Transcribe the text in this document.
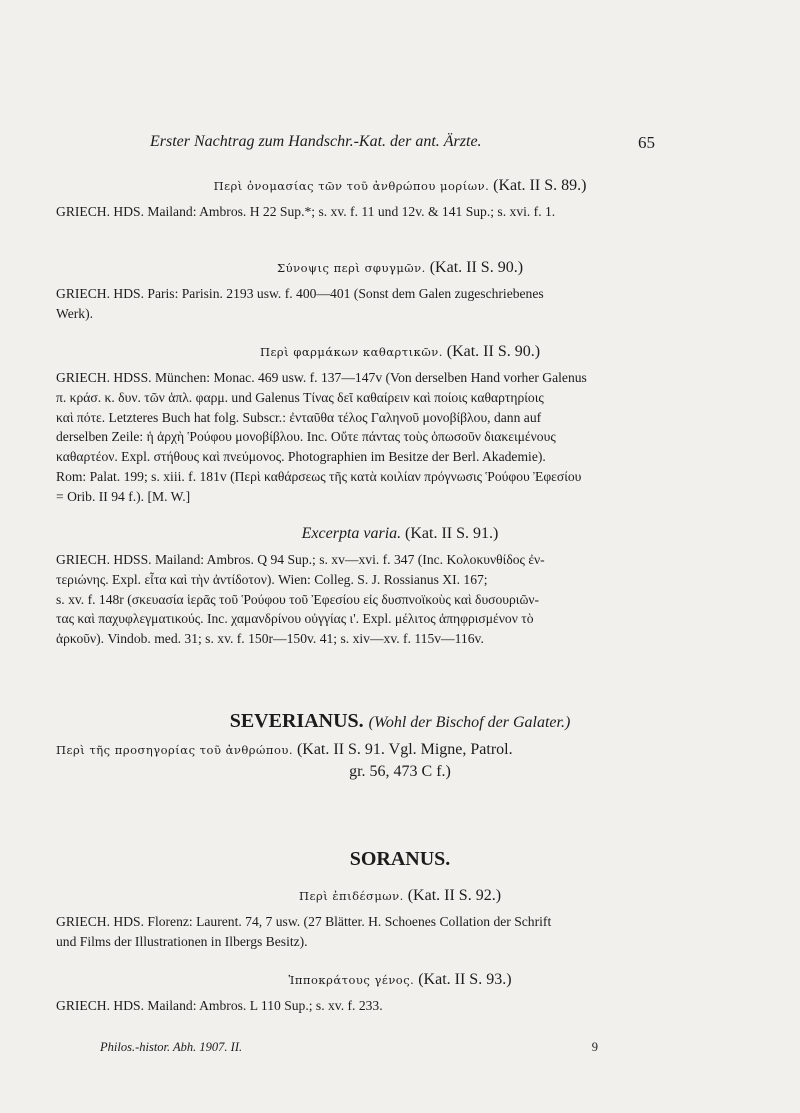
Erster Nachtrag zum Handschr.-Kat. der ant. Ärzte.	65
Περὶ ὀνομασίας τῶν τοῦ ἀνθρώπου μορίων. (Kat. II S. 89.)

GRIECH. HDS. Mailand: Ambros. H 22 Sup.*; s. xv. f. 11 und 12v. & 141 Sup.; s. xvi. f. 1.

Σύνοψις περὶ σφυγμῶν. (Kat. II S. 90.)

GRIECH. HDS. Paris: Parisin. 2193 usw. f. 400—401 (Sonst dem Galen zugeschriebenes

Werk).

Περὶ φαρμάκων καθαρτικῶν. (Kat. II S. 90.)

GRIECH. HDSS. München: Monac. 469 usw. f. 137—147v (Von derselben Hand vorher Galenus

π. κράσ. κ. δυν. τῶν ἁπλ. φαρμ. und Galenus Τίνας δεῖ καθαίρειν καὶ ποίοις καθαρτηρίοις

καὶ πότε. Letzteres Buch hat folg. Subscr.: ἐνταῦθα τέλος Γαληνοῦ μονοβίβλου, dann auf

derselben Zeile: ἡ ἀρχὴ Ῥούφου μονοβίβλου. Inc. Οὔτε πάντας τοὺς ὁπωσοῦν διακειμένους

καθαρτέον. Expl. στήθους καὶ πνεύμονος. Photographien im Besitze der Berl. Akademie).

Rom: Palat. 199; s. xiii. f. 181v (Περὶ καθάρσεως τῆς κατὰ κοιλίαν πρόγνωσις Ῥούφου Ἐφεσίου

= Orib. II 94 f.). [M. W.]

Excerpta varia. (Kat. II S. 91.)

GRIECH. HDSS. Mailand: Ambros. Q 94 Sup.; s. xv—xvi. f. 347 (Inc. Κολοκυνθίδος ἐν-

τεριώνης. Expl. εἶτα καὶ τὴν ἀντίδοτον). Wien: Colleg. S. J. Rossianus XI. 167;

s. xv. f. 148r (σκευασία ἱερᾶς τοῦ Ῥούφου τοῦ Ἐφεσίου εἰς δυσπνοϊκοὺς καὶ δυσουριῶν-

τας καὶ παχυφλεγματικούς. Inc. χαμανδρίνου οὐγγίας ι'. Expl. μέλιτος ἀπηφρισμένον τὸ

ἀρκοῦν). Vindob. med. 31; s. xv. f. 150r—150v. 41; s. xiv—xv. f. 115v—116v.

SEVERIANUS. (Wohl der Bischof der Galater.)
Περὶ τῆς προσηγορίας τοῦ ἀνθρώπου. (Kat. II S. 91. Vgl. Migne, Patrol.
gr. 56, 473 C f.)
SORANUS.
Περὶ ἐπιδέσμων. (Kat. II S. 92.)

GRIECH. HDS. Florenz: Laurent. 74, 7 usw. (27 Blätter. H. Schoenes Collation der Schrift

und Films der Illustrationen in Ilbergs Besitz).

Ἱπποκράτους γένος. (Kat. II S. 93.)

GRIECH. HDS. Mailand: Ambros. L 110 Sup.; s. xv. f. 233.

Philos.-histor. Abh. 1907. II.	9
